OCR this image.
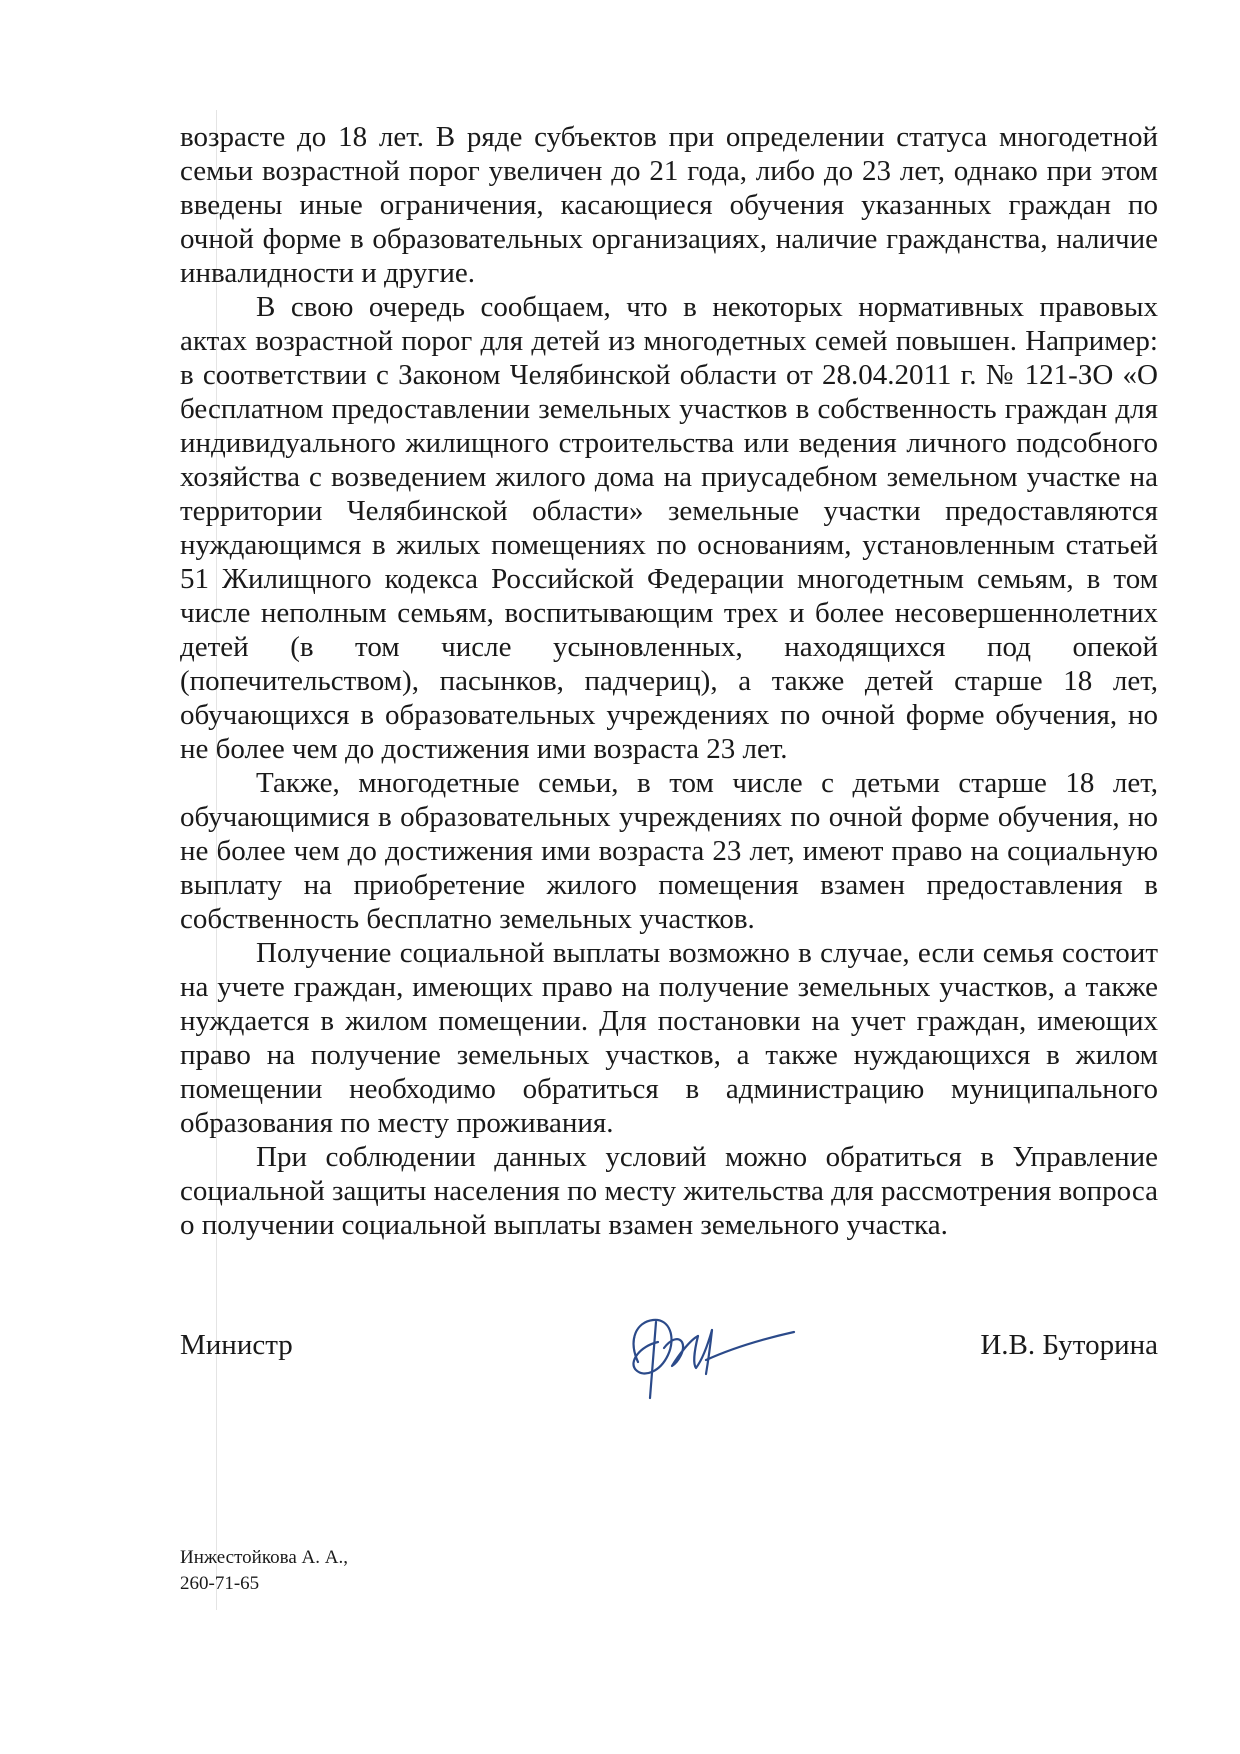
возрасте до 18 лет. В ряде субъектов при определении статуса многодетной семьи возрастной порог увеличен до 21 года, либо до 23 лет, однако при этом введены иные ограничения, касающиеся обучения указанных граждан по очной форме в образовательных организациях, наличие гражданства, наличие инвалидности и другие.

В свою очередь сообщаем, что в некоторых нормативных правовых актах возрастной порог для детей из многодетных семей повышен. Например: в соответствии с Законом Челябинской области от 28.04.2011 г. № 121-ЗО «О бесплатном предоставлении земельных участков в собственность граждан для индивидуального жилищного строительства или ведения личного подсобного хозяйства с возведением жилого дома на приусадебном земельном участке на территории Челябинской области» земельные участки предоставляются нуждающимся в жилых помещениях по основаниям, установленным статьей 51 Жилищного кодекса Российской Федерации многодетным семьям, в том числе неполным семьям, воспитывающим трех и более несовершеннолетних детей (в том числе усыновленных, находящихся под опекой (попечительством), пасынков, падчериц), а также детей старше 18 лет, обучающихся в образовательных учреждениях по очной форме обучения, но не более чем до достижения ими возраста 23 лет.

Также, многодетные семьи, в том числе с детьми старше 18 лет, обучающимися в образовательных учреждениях по очной форме обучения, но не более чем до достижения ими возраста 23 лет, имеют право на социальную выплату на приобретение жилого помещения взамен предоставления в собственность бесплатно земельных участков.

Получение социальной выплаты возможно в случае, если семья состоит на учете граждан, имеющих право на получение земельных участков, а также нуждается в жилом помещении. Для постановки на учет граждан, имеющих право на получение земельных участков, а также нуждающихся в жилом помещении необходимо обратиться в администрацию муниципального образования по месту проживания.

При соблюдении данных условий можно обратиться в Управление социальной защиты населения по месту жительства для рассмотрения вопроса о получении социальной выплаты взамен земельного участка.

Министр	И.В. Буторина
Инжестойкова А. А.,
260-71-65
